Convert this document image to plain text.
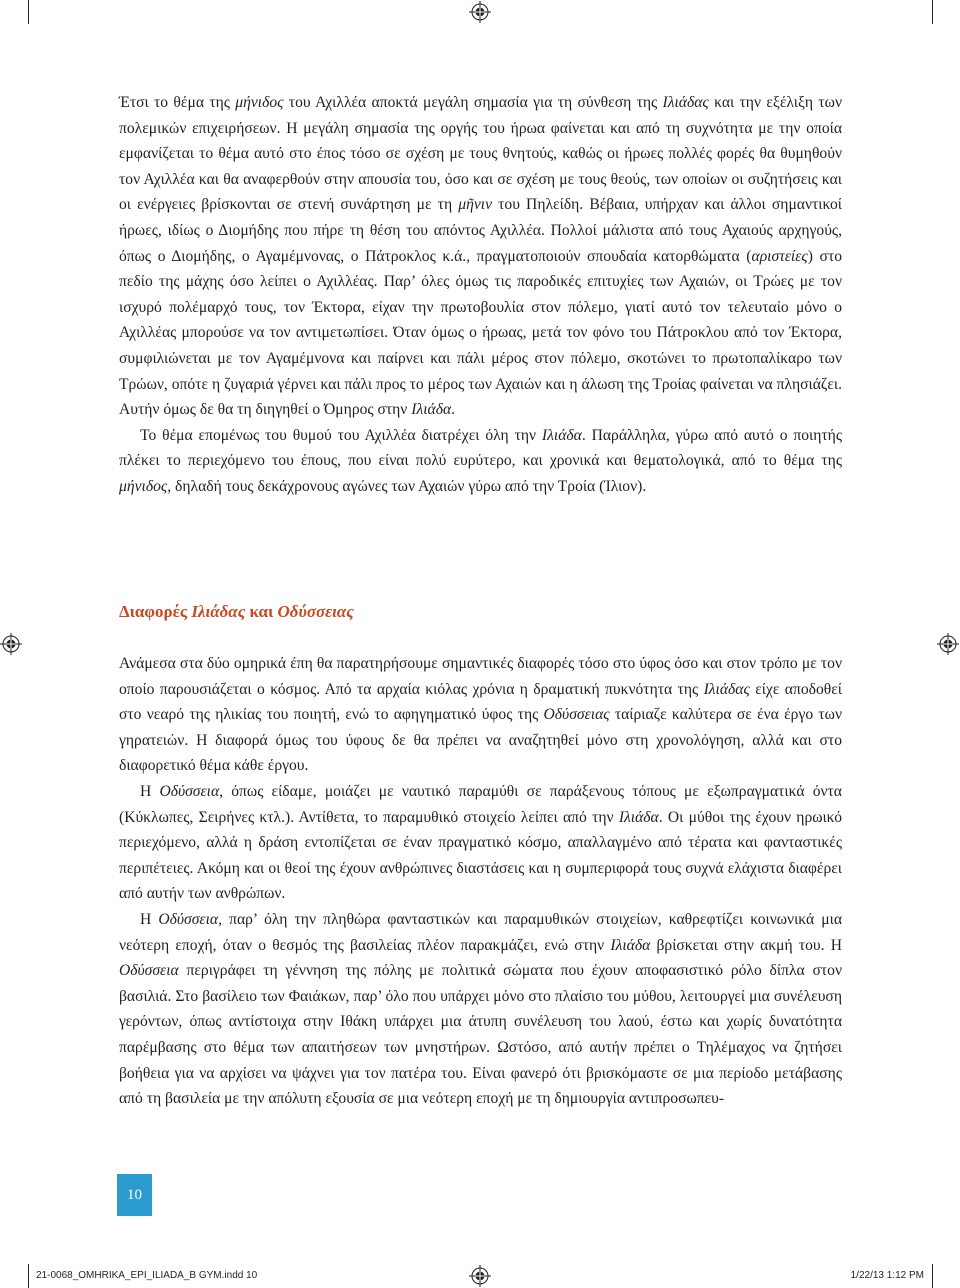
Έτσι το θέμα της μήνιδος του Αχιλλέα αποκτά μεγάλη σημασία για τη σύνθεση της Ιλιάδας και την εξέλιξη των πολεμικών επιχειρήσεων. Η μεγάλη σημασία της οργής του ήρωα φαίνεται και από τη συχνότητα με την οποία εμφανίζεται το θέμα αυτό στο έπος τόσο σε σχέση με τους θνητούς, καθώς οι ήρωες πολλές φορές θα θυμηθούν τον Αχιλλέα και θα αναφερθούν στην απουσία του, όσο και σε σχέση με τους θεούς, των οποίων οι συζητήσεις και οι ενέργειες βρίσκονται σε στενή συνάρτηση με τη μῆνιν του Πηλείδη. Βέβαια, υπήρχαν και άλλοι σημαντικοί ήρωες, ιδίως ο Διομήδης που πήρε τη θέση του απόντος Αχιλλέα. Πολλοί μάλιστα από τους Αχαιούς αρχηγούς, όπως ο Διομήδης, ο Αγαμέμνονας, ο Πάτροκλος κ.ά., πραγματοποιούν σπουδαία κατορθώματα (αριστείες) στο πεδίο της μάχης όσο λείπει ο Αχιλλέας. Παρ’ όλες όμως τις παροδικές επιτυχίες των Αχαιών, οι Τρώες με τον ισχυρό πολέμαρχό τους, τον Έκτορα, είχαν την πρωτοβουλία στον πόλεμο, γιατί αυτό τον τελευταίο μόνο ο Αχιλλέας μπορούσε να τον αντιμετωπίσει. Όταν όμως ο ήρωας, μετά τον φόνο του Πάτροκλου από τον Έκτορα, συμφιλιώνεται με τον Αγαμέμνονα και παίρνει και πάλι μέρος στον πόλεμο, σκοτώνει το πρωτοπαλίκαρο των Τρώων, οπότε η ζυγαριά γέρνει και πάλι προς το μέρος των Αχαιών και η άλωση της Τροίας φαίνεται να πλησιάζει. Αυτήν όμως δε θα τη διηγηθεί ο Όμηρος στην Ιλιάδα.

Το θέμα επομένως του θυμού του Αχιλλέα διατρέχει όλη την Ιλιάδα. Παράλληλα, γύρω από αυτό ο ποιητής πλέκει το περιεχόμενο του έπους, που είναι πολύ ευρύτερο, και χρονικά και θεματολογικά, από το θέμα της μήνιδος, δηλαδή τους δεκάχρονους αγώνες των Αχαιών γύρω από την Τροία (Ίλιον).

Διαφορές Ιλιάδας και Οδύσσειας

Ανάμεσα στα δύο ομηρικά έπη θα παρατηρήσουμε σημαντικές διαφορές τόσο στο ύφος όσο και στον τρόπο με τον οποίο παρουσιάζεται ο κόσμος. Από τα αρχαία κιόλας χρόνια η δραματική πυκνότητα της Ιλιάδας είχε αποδοθεί στο νεαρό της ηλικίας του ποιητή, ενώ το αφηγηματικό ύφος της Οδύσσειας ταίριαζε καλύτερα σε ένα έργο των γηρατειών. Η διαφορά όμως του ύφους δε θα πρέπει να αναζητηθεί μόνο στη χρονολόγηση, αλλά και στο διαφορετικό θέμα κάθε έργου.

Η Οδύσσεια, όπως είδαμε, μοιάζει με ναυτικό παραμύθι σε παράξενους τόπους με εξωπραγματικά όντα (Κύκλωπες, Σειρήνες κτλ.). Αντίθετα, το παραμυθικό στοιχείο λείπει από την Ιλιάδα. Οι μύθοι της έχουν ηρωικό περιεχόμενο, αλλά η δράση εντοπίζεται σε έναν πραγματικό κόσμο, απαλλαγμένο από τέρατα και φανταστικές περιπέτειες. Ακόμη και οι θεοί της έχουν ανθρώπινες διαστάσεις και η συμπεριφορά τους συχνά ελάχιστα διαφέρει από αυτήν των ανθρώπων.

Η Οδύσσεια, παρ’ όλη την πληθώρα φανταστικών και παραμυθικών στοιχείων, καθρεφτίζει κοινωνικά μια νεότερη εποχή, όταν ο θεσμός της βασιλείας πλέον παρακμάζει, ενώ στην Ιλιάδα βρίσκεται στην ακμή του. Η Οδύσσεια περιγράφει τη γέννηση της πόλης με πολιτικά σώματα που έχουν αποφασιστικό ρόλο δίπλα στον βασιλιά. Στο βασίλειο των Φαιάκων, παρ’ όλο που υπάρχει μόνο στο πλαίσιο του μύθου, λειτουργεί μια συνέλευση γερόντων, όπως αντίστοιχα στην Ιθάκη υπάρχει μια άτυπη συνέλευση του λαού, έστω και χωρίς δυνατότητα παρέμβασης στο θέμα των απαιτήσεων των μνηστήρων. Ωστόσο, από αυτήν πρέπει ο Τηλέμαχος να ζητήσει βοήθεια για να αρχίσει να ψάχνει για τον πατέρα του. Είναι φανερό ότι βρισκόμαστε σε μια περίοδο μετάβασης από τη βασιλεία με την απόλυτη εξουσία σε μια νεότερη εποχή με τη δημιουργία αντιπροσωπευ-

10
21-0068_OMHRIKA_EPI_ILIADA_B GYM.indd 10	1/22/13 1:12 PM
